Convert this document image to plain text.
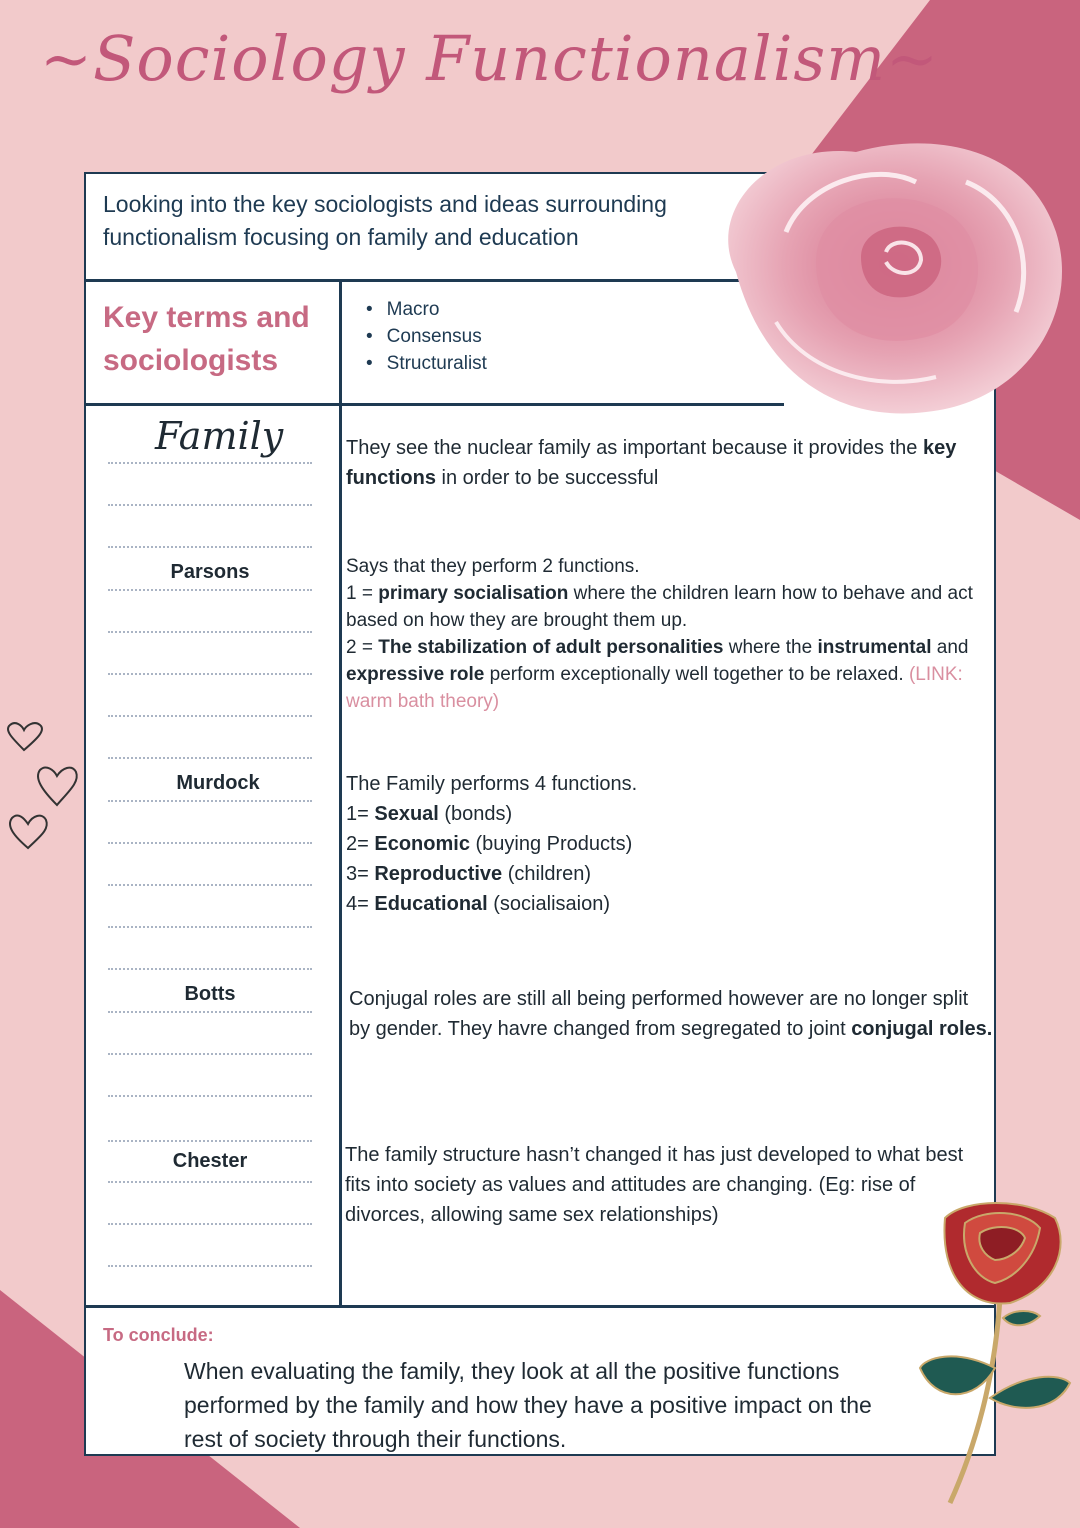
~Sociology Functionalism~
Looking into the key sociologists and ideas surrounding functionalism focusing on family and education
Key terms and sociologists
• Macro
• Consensus
• Structuralist
Family
Parsons
Murdock
Botts
Chester
They see the nuclear family as important because it provides the key functions in order to be successful
Says that they perform 2 functions.
1 = primary socialisation where the children learn how to behave and act based on how they are brought them up.
2 = The stabilization of adult personalities where the instrumental and expressive role perform exceptionally well together to be relaxed. (LINK: warm bath theory)
The Family performs 4 functions.
1= Sexual (bonds)
2= Economic (buying Products)
3= Reproductive (children)
4= Educational (socialisaion)
Conjugal roles are still all being performed however are no longer split by gender. They havre changed from segregated to joint conjugal roles.
The family structure hasn’t changed it has just developed to what best fits into society as values and attitudes are changing. (Eg: rise of divorces, allowing same sex relationships)
To conclude:
When evaluating the family, they look at all the positive functions performed by the family and how they have a positive impact on the rest of society through their functions.
